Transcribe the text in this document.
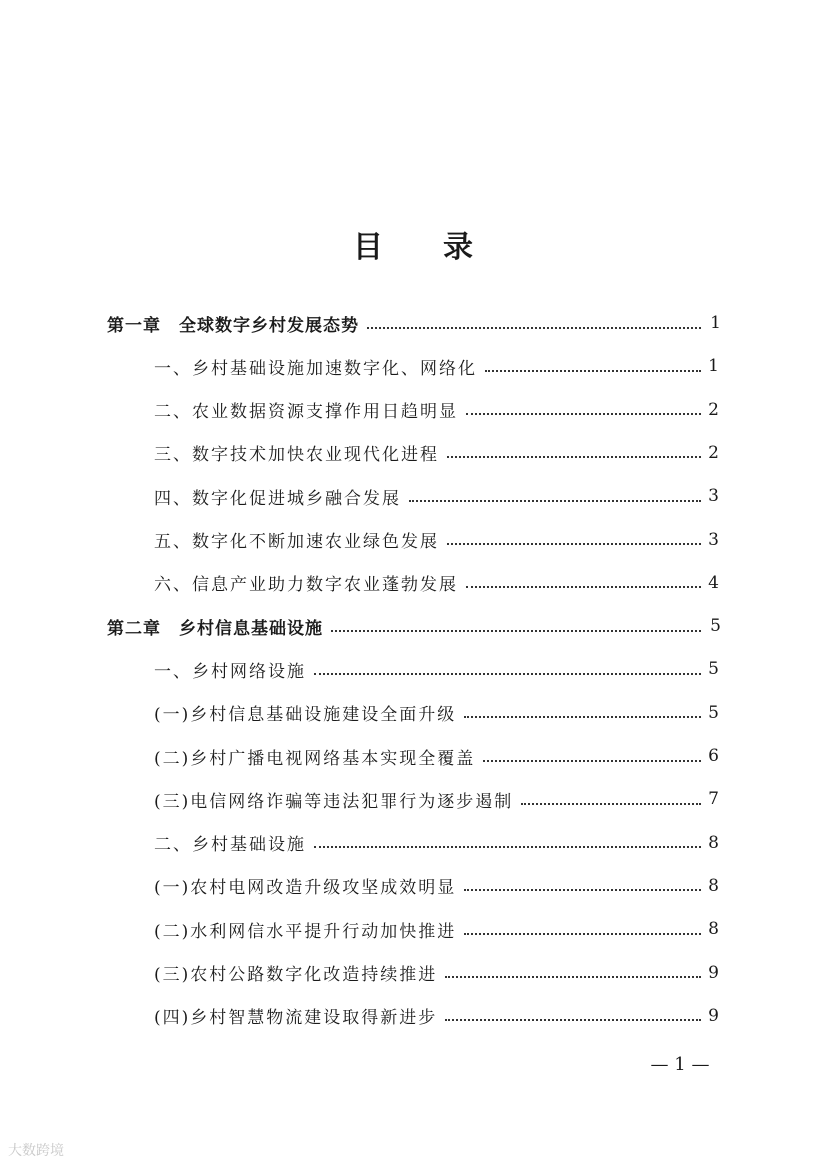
目 录
第一章　全球数字乡村发展态势	1
一、乡村基础设施加速数字化、网络化	1
二、农业数据资源支撑作用日趋明显	2
三、数字技术加快农业现代化进程	2
四、数字化促进城乡融合发展	3
五、数字化不断加速农业绿色发展	3
六、信息产业助力数字农业蓬勃发展	4
第二章　乡村信息基础设施	5
一、乡村网络设施	5
(一)乡村信息基础设施建设全面升级	5
(二)乡村广播电视网络基本实现全覆盖	6
(三)电信网络诈骗等违法犯罪行为逐步遏制	7
二、乡村基础设施	8
(一)农村电网改造升级攻坚成效明显	8
(二)水利网信水平提升行动加快推进	8
(三)农村公路数字化改造持续推进	9
(四)乡村智慧物流建设取得新进步	9
— 1 —
大数跨境
